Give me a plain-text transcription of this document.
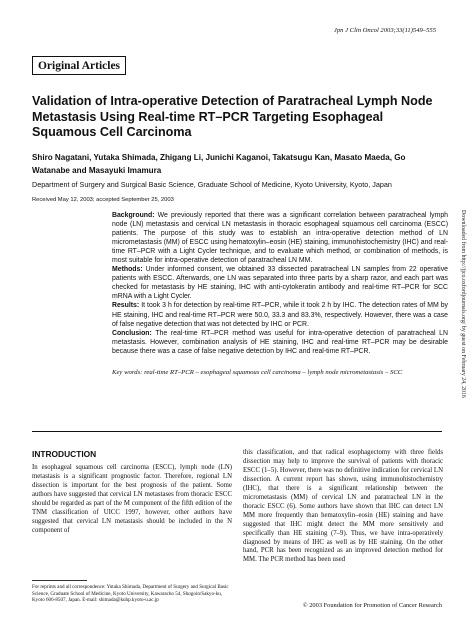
Jpn J Clin Oncol 2003;33(11)549–555
Original Articles
Validation of Intra-operative Detection of Paratracheal Lymph Node Metastasis Using Real-time RT–PCR Targeting Esophageal Squamous Cell Carcinoma

Shiro Nagatani, Yutaka Shimada, Zhigang Li, Junichi Kaganoi, Takatsugu Kan, Masato Maeda, Go Watanabe and Masayuki Imamura

Department of Surgery and Surgical Basic Science, Graduate School of Medicine, Kyoto University, Kyoto, Japan

Received May 12, 2003; accepted September 25, 2003

Background: We previously reported that there was a significant correlation between paratracheal lymph node (LN) metastasis and cervical LN metastasis in thoracic esophageal squamous cell carcinoma (ESCC) patients. The purpose of this study was to establish an intra-operative detection method of LN micrometastasis (MM) of ESCC using hematoxylin–eosin (HE) staining, immunohistochemistry (IHC) and real-time RT–PCR with a Light Cycler technique, and to evaluate which method, or combination of methods, is most suitable for intra-operative detection of paratracheal LN MM.

Methods: Under informed consent, we obtained 33 dissected paratracheal LN samples from 22 operative patients with ESCC. Afterwards, one LN was separated into three parts by a sharp razor, and each part was checked for metastasis by HE staining, IHC with anti-cytokeratin antibody and real-time RT–PCR for SCC mRNA with a Light Cycler.

Results: It took 3 h for detection by real-time RT–PCR, while it took 2 h by IHC. The detection rates of MM by HE staining, IHC and real-time RT–PCR were 50.0, 33.3 and 83.3%, respectively. However, there was a case of false negative detection that was not detected by IHC or PCR.

Conclusion: The real-time RT–PCR method was useful for intra-operative detection of paratracheal LN metastasis. However, combination analysis of HE staining, IHC and real-time RT–PCR may be desirable because there was a case of false negative detection by IHC and real-time RT–PCR.

Key words: real-time RT–PCR – esophageal squamous cell carcinoma – lymph node micrometastasis – SCC	Downloaded from http://jjco.oxfordjournals.org/ by guest on February 24, 2016
INTRODUCTION

In esophageal squamous cell carcinoma (ESCC), lymph node (LN) metastasis is a significant prognostic factor. Therefore, regional LN dissection is important for the best prognosis of the patient. Some authors have suggested that cervical LN metastases from thoracic ESCC should be regarded as part of the M component of the fifth edition of the TNM classification of UICC 1997, however, other authors have suggested that cervical LN metastasis should be included in the N component of

this classification, and that radical esophagectomy with three fields dissection may help to improve the survival of patients with thoracic ESCC (1–5). However, there was no definitive indication for cervical LN dissection. A current report has shown, using immunohistochemistry (IHC), that there is a significant relationship between the micrometastasis (MM) of cervical LN and paratracheal LN in the thoracic ESCC (6). Some authors have shown that IHC can detect LN MM more frequently than hematoxylin–eosin (HE) staining and have suggested that IHC might detect the MM more sensitively and specifically than HE staining (7–9). Thus, we have intra-operatively diagnosed by means of IHC as well as by HE staining. On the other hand, PCR has been recognized as an improved detection method for MM. The PCR method has been used

For reprints and all correspondence: Yutaka Shimada, Department of Surgery and Surgical Basic Science, Graduate School of Medicine, Kyoto University, Kawaracho 54, Shogoin/Sakyo-ku, Kyoto 606-8507, Japan. E-mail: shimada@kuhp.kyoto-u.ac.jp

© 2003 Foundation for Promotion of Cancer Research
